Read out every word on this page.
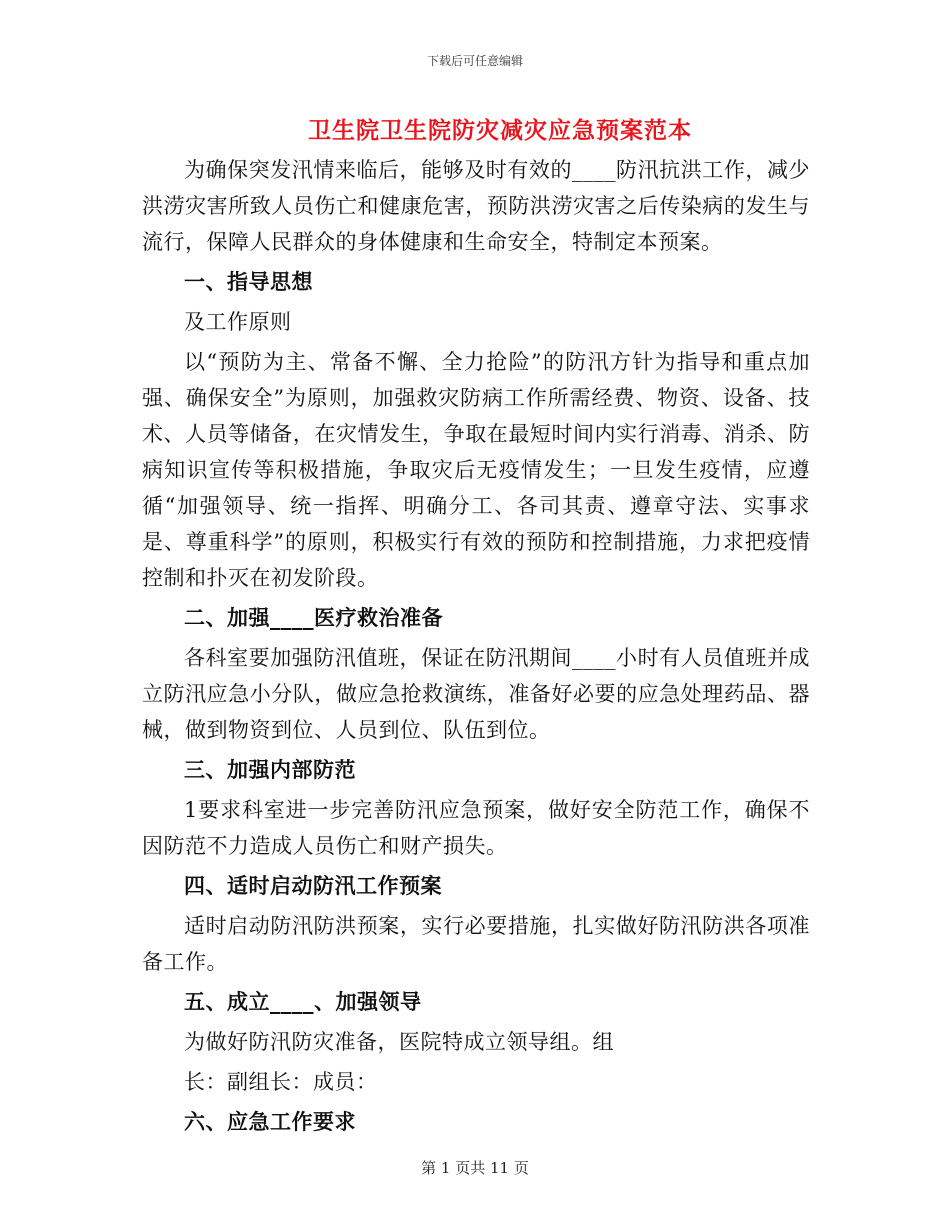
下载后可任意编辑
卫生院卫生院防灾减灾应急预案范本

为确保突发汛情来临后，能够及时有效的____防汛抗洪工作，减少洪涝灾害所致人员伤亡和健康危害，预防洪涝灾害之后传染病的发生与流行，保障人民群众的身体健康和生命安全，特制定本预案。

一、指导思想

及工作原则

以“预防为主、常备不懈、全力抢险”的防汛方针为指导和重点加强、确保安全”为原则，加强救灾防病工作所需经费、物资、设备、技术、人员等储备，在灾情发生，争取在最短时间内实行消毒、消杀、防病知识宣传等积极措施，争取灾后无疫情发生；一旦发生疫情，应遵循“加强领导、统一指挥、明确分工、各司其责、遵章守法、实事求是、尊重科学”的原则，积极实行有效的预防和控制措施，力求把疫情控制和扑灭在初发阶段。

二、加强____医疗救治准备

各科室要加强防汛值班，保证在防汛期间____小时有人员值班并成立防汛应急小分队，做应急抢救演练，准备好必要的应急处理药品、器械，做到物资到位、人员到位、队伍到位。

三、加强内部防范

1要求科室进一步完善防汛应急预案，做好安全防范工作，确保不因防范不力造成人员伤亡和财产损失。

四、适时启动防汛工作预案

适时启动防汛防洪预案，实行必要措施，扎实做好防汛防洪各项准备工作。

五、成立____、加强领导

为做好防汛防灾准备，医院特成立领导组。组

长：副组长：成员：

六、应急工作要求

第 1 页共 11 页
